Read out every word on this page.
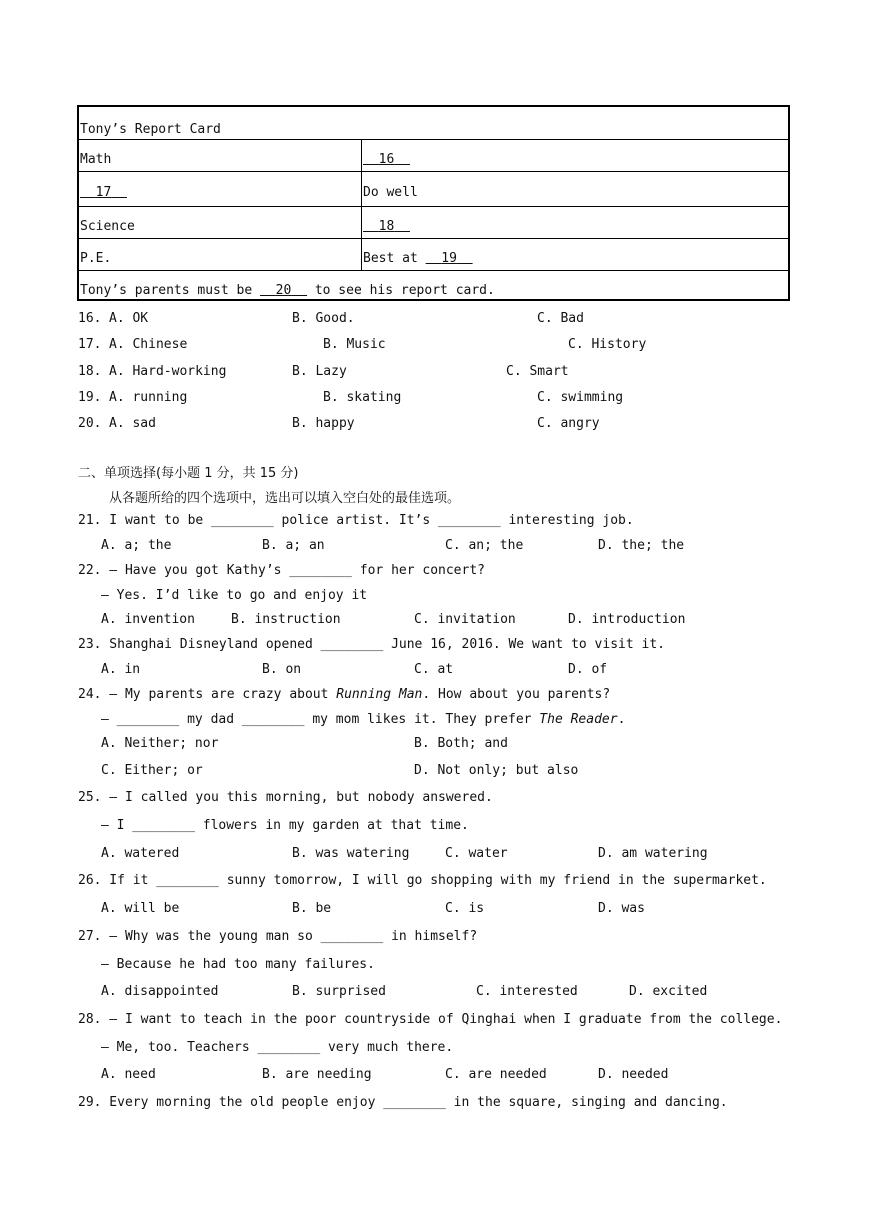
Tony’s Report Card
Math	16
17	Do well
Science	18
P.E.	Best at 19
Tony’s parents must be 20 to see his report card.
16. A. OK	B. Good.	C. Bad
17. A. Chinese	B. Music	C. History
18. A. Hard-working	B. Lazy	C. Smart
19. A. running	B. skating	C. swimming
20. A. sad	B. happy	C. angry
二、单项选择(每小题 1 分，共 15 分)
从各题所给的四个选项中，选出可以填入空白处的最佳选项。
21. I want to be ________ police artist. It’s ________ interesting job.
A. a; the	B. a; an	C. an; the	D. the; the
22. — Have you got Kathy’s ________ for her concert?
— Yes. I’d like to go and enjoy it
A. invention	B. instruction	C. invitation	D. introduction
23. Shanghai Disneyland opened ________ June 16, 2016. We want to visit it.
A. in	B. on	C. at	D. of
24. — My parents are crazy about Running Man. How about you parents?
— ________ my dad ________ my mom likes it. They prefer The Reader.
A. Neither; nor	B. Both; and
C. Either; or	D. Not only; but also
25. — I called you this morning, but nobody answered.
— I ________ flowers in my garden at that time.
A. watered	B. was watering	C. water	D. am watering
26. If it ________ sunny tomorrow, I will go shopping with my friend in the supermarket.
A. will be	B. be	C. is	D. was
27. — Why was the young man so ________ in himself?
— Because he had too many failures.
A. disappointed	B. surprised	C. interested	D. excited
28. — I want to teach in the poor countryside of Qinghai when I graduate from the college.
— Me, too. Teachers ________ very much there.
A. need	B. are needing	C. are needed	D. needed
29. Every morning the old people enjoy ________ in the square, singing and dancing.
